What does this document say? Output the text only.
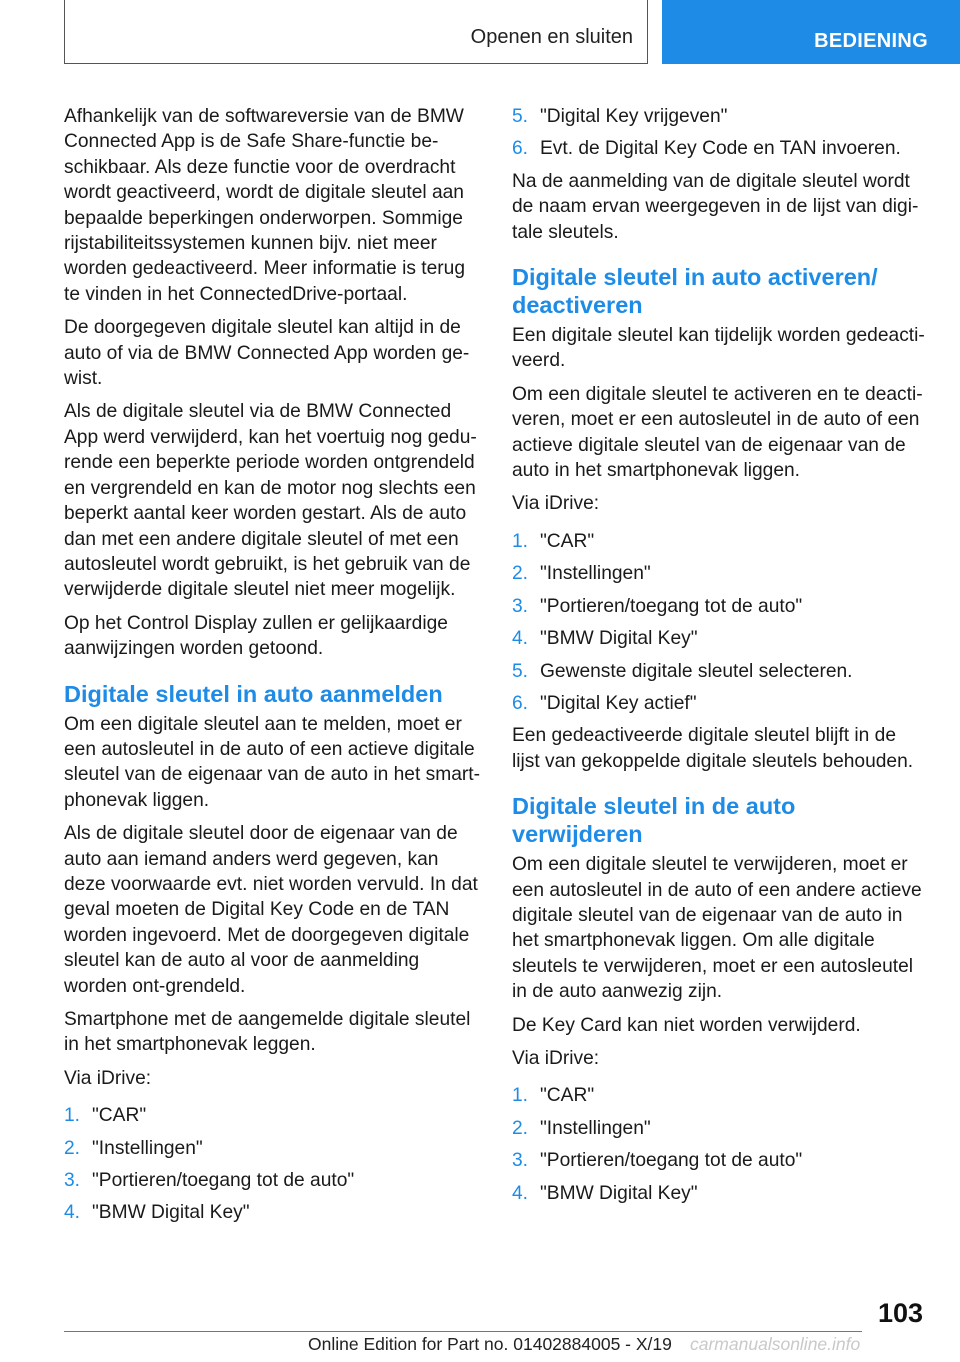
Openen en sluiten	BEDIENING

Afhankelijk van de softwareversie van de BMW Connected App is de Safe Share-functie be-schikbaar. Als deze functie voor de overdracht wordt geactiveerd, wordt de digitale sleutel aan bepaalde beperkingen onderworpen. Sommige rijstabiliteitssystemen kunnen bijv. niet meer worden gedeactiveerd. Meer informatie is terug te vinden in het ConnectedDrive-portaal.

De doorgegeven digitale sleutel kan altijd in de auto of via de BMW Connected App worden ge-wist.

Als de digitale sleutel via de BMW Connected App werd verwijderd, kan het voertuig nog gedu-rende een beperkte periode worden ontgrendeld en vergrendeld en kan de motor nog slechts een beperkt aantal keer worden gestart. Als de auto dan met een andere digitale sleutel of met een autosleutel wordt gebruikt, is het gebruik van de verwijderde digitale sleutel niet meer mogelijk.

Op het Control Display zullen er gelijkaardige aanwijzingen worden getoond.

Digitale sleutel in auto aanmelden

Om een digitale sleutel aan te melden, moet er een autosleutel in de auto of een actieve digitale sleutel van de eigenaar van de auto in het smart-phonevak liggen.

Als de digitale sleutel door de eigenaar van de auto aan iemand anders werd gegeven, kan deze voorwaarde evt. niet worden vervuld. In dat geval moeten de Digital Key Code en de TAN worden ingevoerd. Met de doorgegeven digitale sleutel kan de auto al voor de aanmelding worden ont-grendeld.

Smartphone met de aangemelde digitale sleutel in het smartphonevak leggen.

Via iDrive:

1. "CAR"
2. "Instellingen"
3. "Portieren/toegang tot de auto"
4. "BMW Digital Key"
5. "Digital Key vrijgeven"
6. Evt. de Digital Key Code en TAN invoeren.

Na de aanmelding van de digitale sleutel wordt de naam ervan weergegeven in de lijst van digi-tale sleutels.

Digitale sleutel in auto activeren/ deactiveren

Een digitale sleutel kan tijdelijk worden gedeacti-veerd.

Om een digitale sleutel te activeren en te deacti-veren, moet er een autosleutel in de auto of een actieve digitale sleutel van de eigenaar van de auto in het smartphonevak liggen.

Via iDrive:

1. "CAR"
2. "Instellingen"
3. "Portieren/toegang tot de auto"
4. "BMW Digital Key"
5. Gewenste digitale sleutel selecteren.
6. "Digital Key actief"

Een gedeactiveerde digitale sleutel blijft in de lijst van gekoppelde digitale sleutels behouden.

Digitale sleutel in de auto verwijderen

Om een digitale sleutel te verwijderen, moet er een autosleutel in de auto of een andere actieve digitale sleutel van de eigenaar van de auto in het smartphonevak liggen. Om alle digitale sleutels te verwijderen, moet er een autosleutel in de auto aanwezig zijn.

De Key Card kan niet worden verwijderd.

Via iDrive:

1. "CAR"
2. "Instellingen"
3. "Portieren/toegang tot de auto"
4. "BMW Digital Key"
103
Online Edition for Part no. 01402884005 - X/19 carmanualsonline.info
